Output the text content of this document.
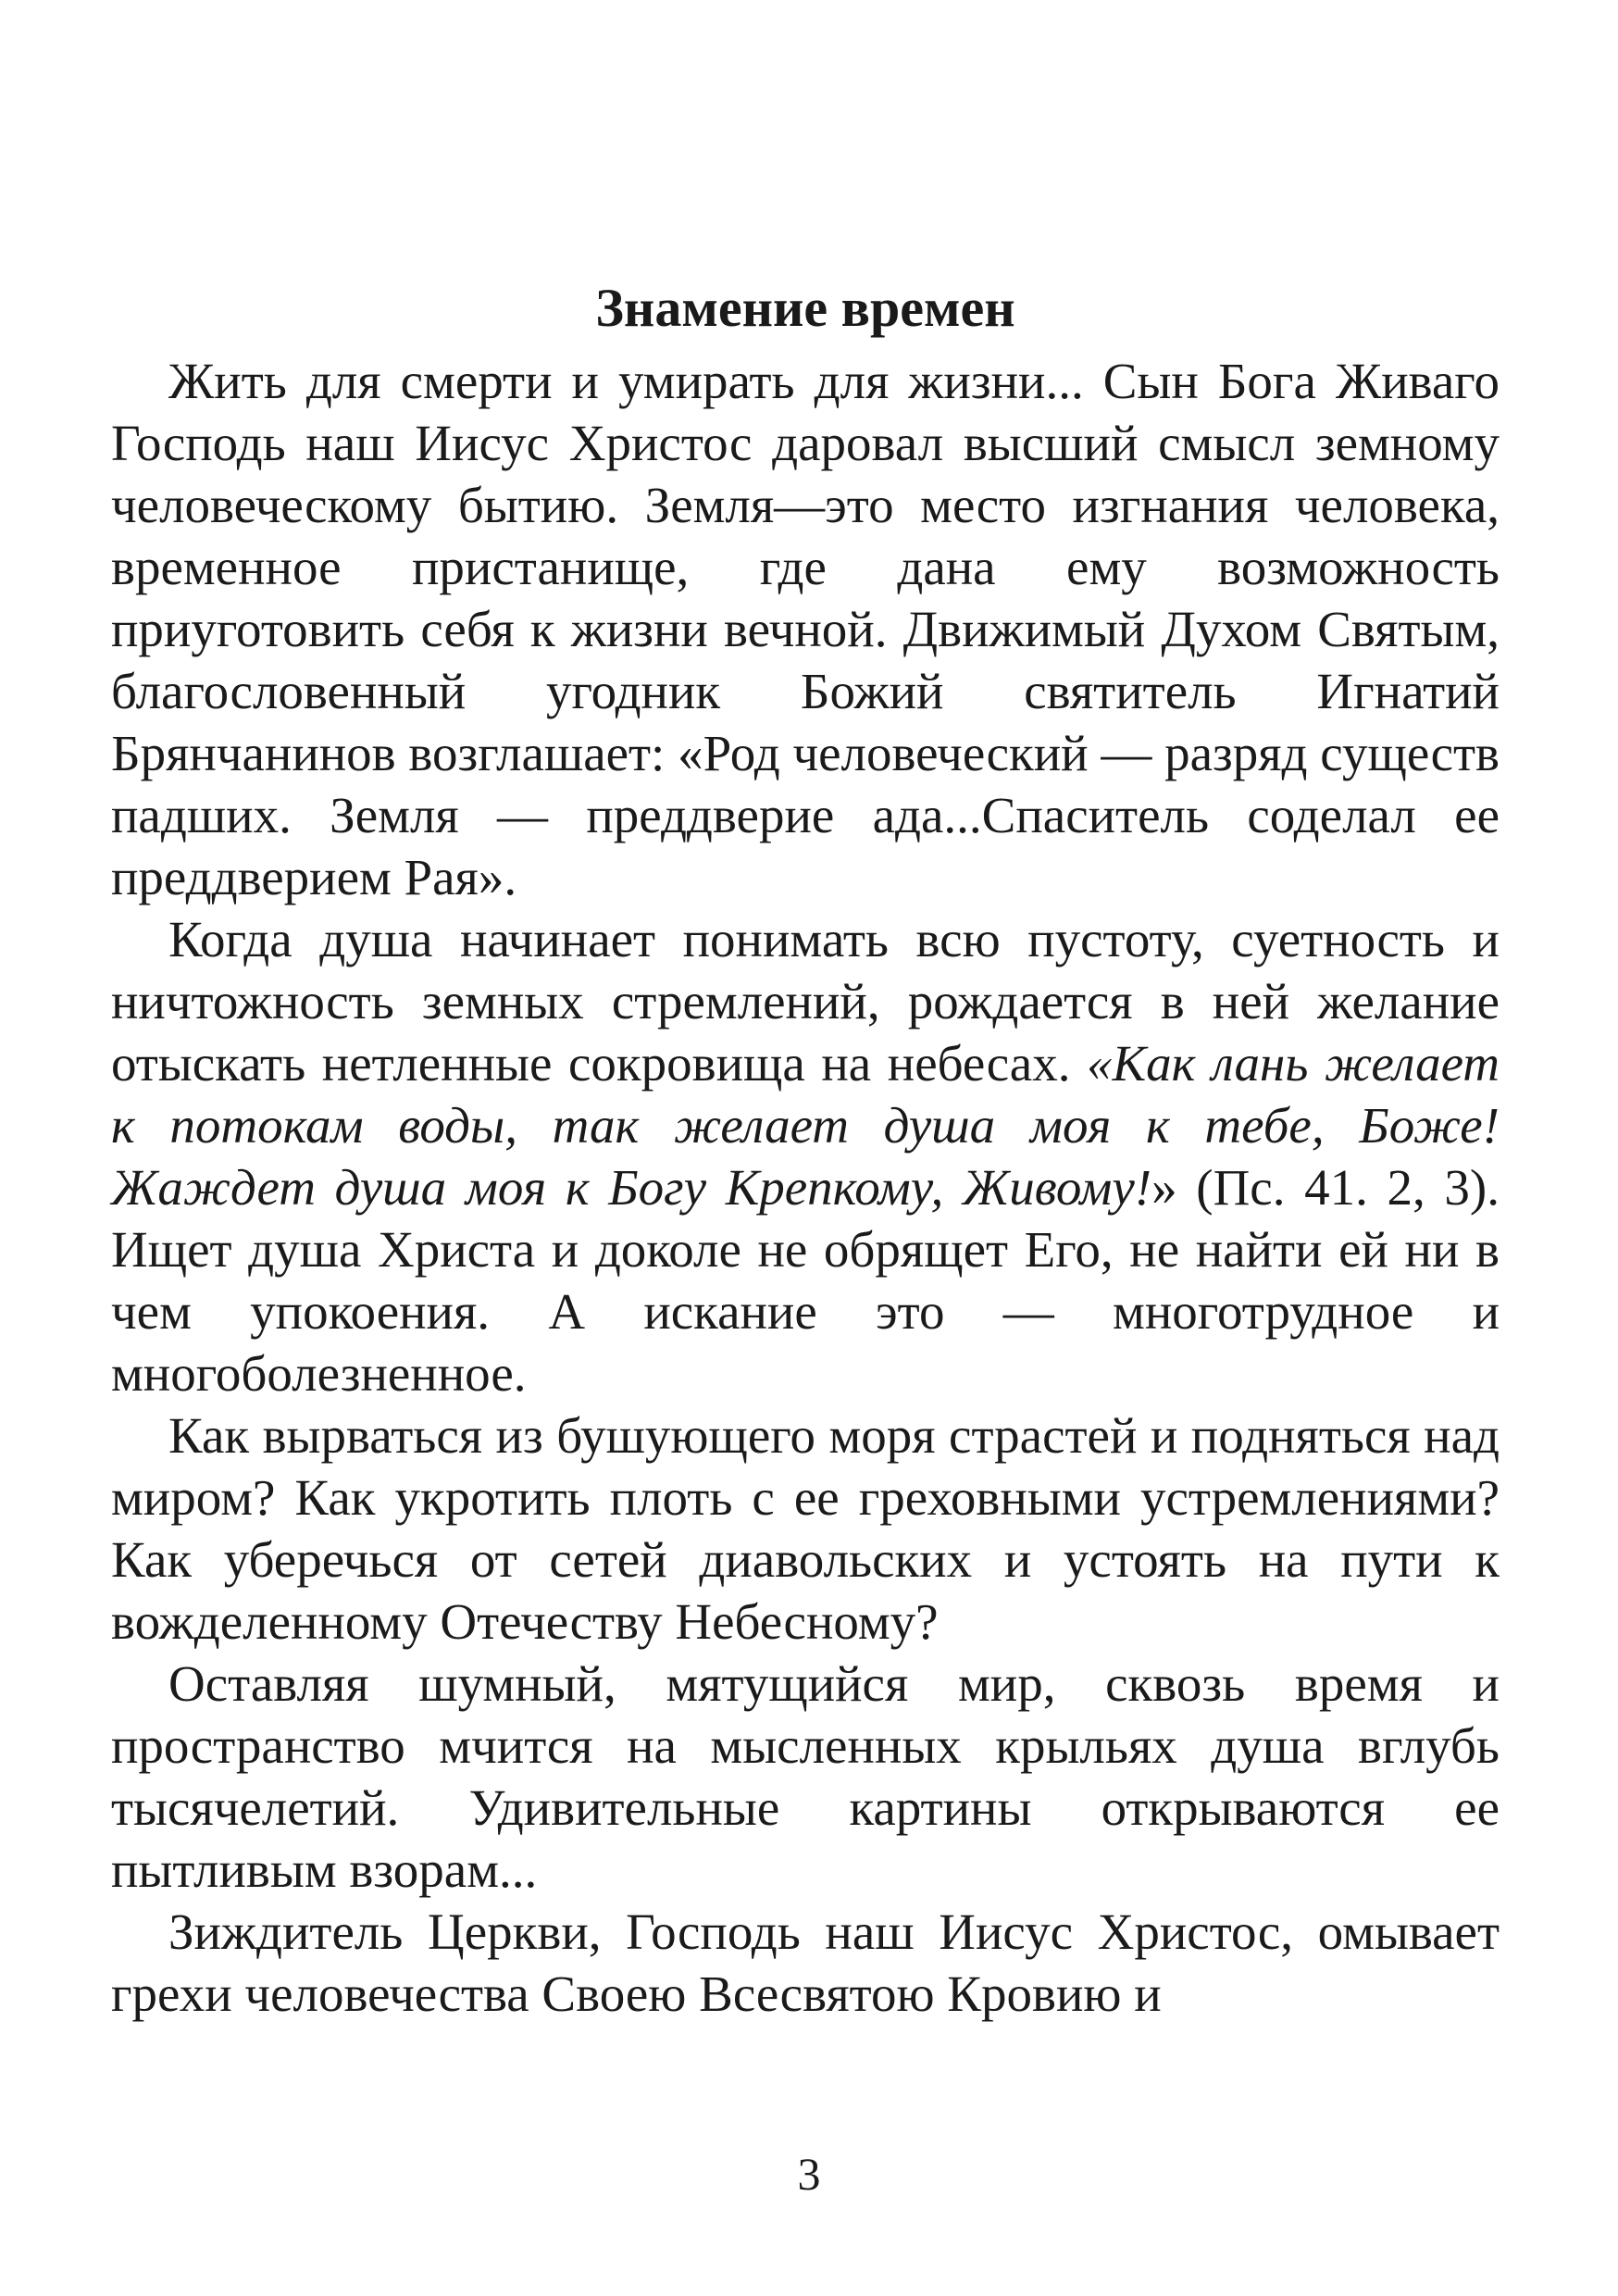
Знамение времен

Жить для смерти и умирать для жизни... Сын Бога Живаго Господь наш Иисус Христос даровал высший смысл земному человеческому бытию. Земля—это место изгнания человека, временное пристанище, где дана ему возможность приуготовить себя к жизни вечной. Движимый Духом Святым, благословенный угодник Божий святитель Игнатий Брянчанинов возглашает: «Род человеческий — разряд существ падших. Земля — преддверие ада...Спаситель соделал ее преддверием Рая».

Когда душа начинает понимать всю пустоту, суетность и ничтожность земных стремлений, рождается в ней желание отыскать нетленные сокровища на небесах. «Как лань желает к потокам воды, так желает душа моя к тебе, Боже! Жаждет душа моя к Богу Крепкому, Живому!» (Пс. 41. 2, 3). Ищет душа Христа и доколе не обрящет Его, не найти ей ни в чем упокоения. А искание это — многотрудное и многоболезненное.

Как вырваться из бушующего моря страстей и подняться над миром? Как укротить плоть с ее греховными устремлениями? Как уберечься от сетей диавольских и устоять на пути к вожделенному Отечеству Небесному?

Оставляя шумный, мятущийся мир, сквозь время и пространство мчится на мысленных крыльях душа вглубь тысячелетий. Удивительные картины открываются ее пытливым взорам...

Зиждитель Церкви, Господь наш Иисус Христос, омывает грехи человечества Своею Всесвятою Кровию и

3
